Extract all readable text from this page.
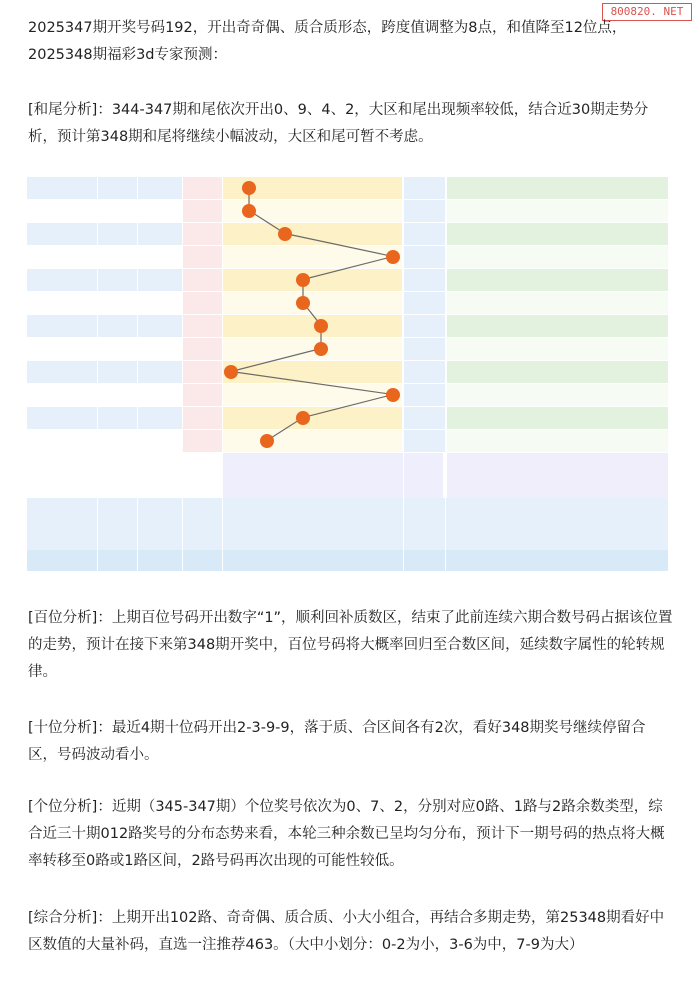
800820. NET

2025347期开奖号码192，开出奇奇偶、质合质形态，跨度值调整为8点，和值降至12位点，2025348期福彩3d专家预测：

[和尾分析]：344-347期和尾依次开出0、9、4、2，大区和尾出现频率较低，结合近30期走势分析，预计第348期和尾将继续小幅波动，大区和尾可暂不考虑。

[百位分析]：上期百位号码开出数字“1”，顺利回补质数区，结束了此前连续六期合数号码占据该位置的走势，预计在接下来第348期开奖中，百位号码将大概率回归至合数区间，延续数字属性的轮转规律。

[十位分析]：最近4期十位码开出2-3-9-9，落于质、合区间各有2次，看好348期奖号继续停留合区，号码波动看小。

[个位分析]：近期（345-347期）个位奖号依次为0、7、2，分别对应0路、1路与2路余数类型，综合近三十期012路奖号的分布态势来看，本轮三种余数已呈均匀分布，预计下一期号码的热点将大概率转移至0路或1路区间，2路号码再次出现的可能性较低。

[综合分析]：上期开出102路、奇奇偶、质合质、小大小组合，再结合多期走势，第25348期看好中区数值的大量补码，直选一注推荐463。（大中小划分：0-2为小，3-6为中，7-9为大）
